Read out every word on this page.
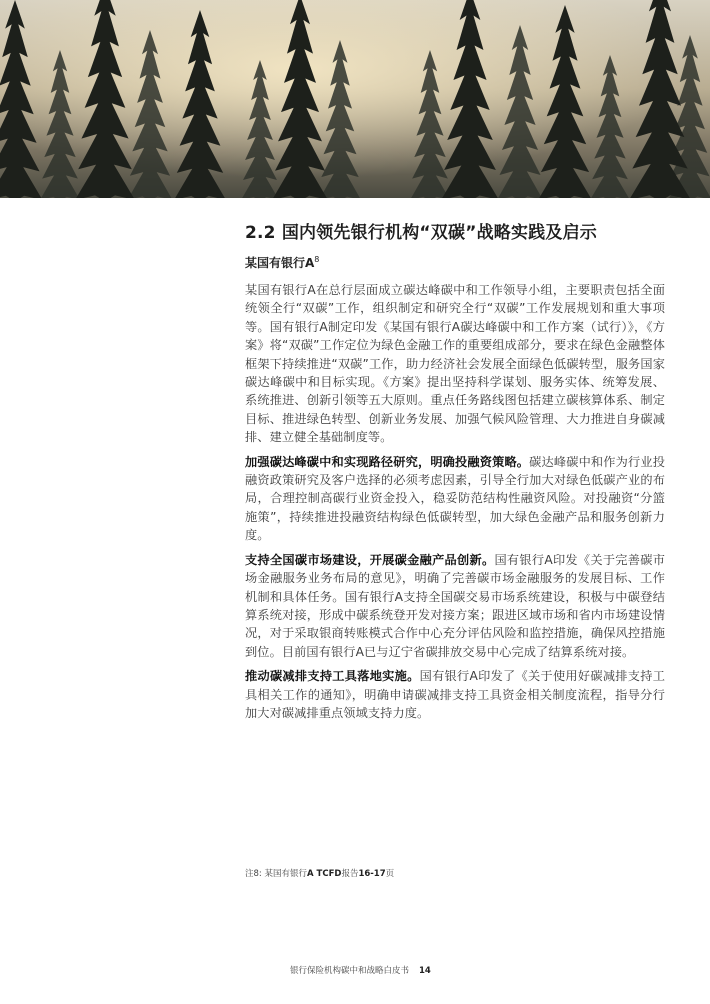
2.2 国内领先银行机构“双碳”战略实践及启示
某国有银行$A^8$

某国有银行A在总行层面成立碳达峰碳中和工作领导小组，主要职责包括全面统领全行“双碳”工作，组织制定和研究全行“双碳”工作发展规划和重大事项等。国有银行A制定印发《某国有银行A碳达峰碳中和工作方案（试行）》，《方案》将“双碳”工作定位为绿色金融工作的重要组成部分，要求在绿色金融整体框架下持续推进“双碳”工作，助力经济社会发展全面绿色低碳转型，服务国家碳达峰碳中和目标实现。《方案》提出坚持科学谋划、服务实体、统筹发展、系统推进、创新引领等五大原则。重点任务路线图包括建立碳核算体系、制定目标、推进绿色转型、创新业务发展、加强气候风险管理、大力推进自身碳减排、建立健全基础制度等。

加强碳达峰碳中和实现路径研究，明确投融资策略。碳达峰碳中和作为行业投融资政策研究及客户选择的必须考虑因素，引导全行加大对绿色低碳产业的布局，合理控制高碳行业资金投入，稳妥防范结构性融资风险。对投融资“分篮施策”，持续推进投融资结构绿色低碳转型，加大绿色金融产品和服务创新力度。

支持全国碳市场建设，开展碳金融产品创新。国有银行A印发《关于完善碳市场金融服务业务布局的意见》，明确了完善碳市场金融服务的发展目标、工作机制和具体任务。国有银行A支持全国碳交易市场系统建设，积极与中碳登结算系统对接，形成中碳系统登开发对接方案；跟进区域市场和省内市场建设情况，对于采取银商转账模式合作中心充分评估风险和监控措施，确保风控措施到位。目前国有银行A已与辽宁省碳排放交易中心完成了结算系统对接。

推动碳减排支持工具落地实施。国有银行A印发了《关于使用好碳减排支持工具相关工作的通知》，明确申请碳减排支持工具资金相关制度流程，指导分行加大对碳减排重点领域支持力度。

注8: 某国有银行A TCFD报告16-17页
银行保险机构碳中和战略白皮书 14
